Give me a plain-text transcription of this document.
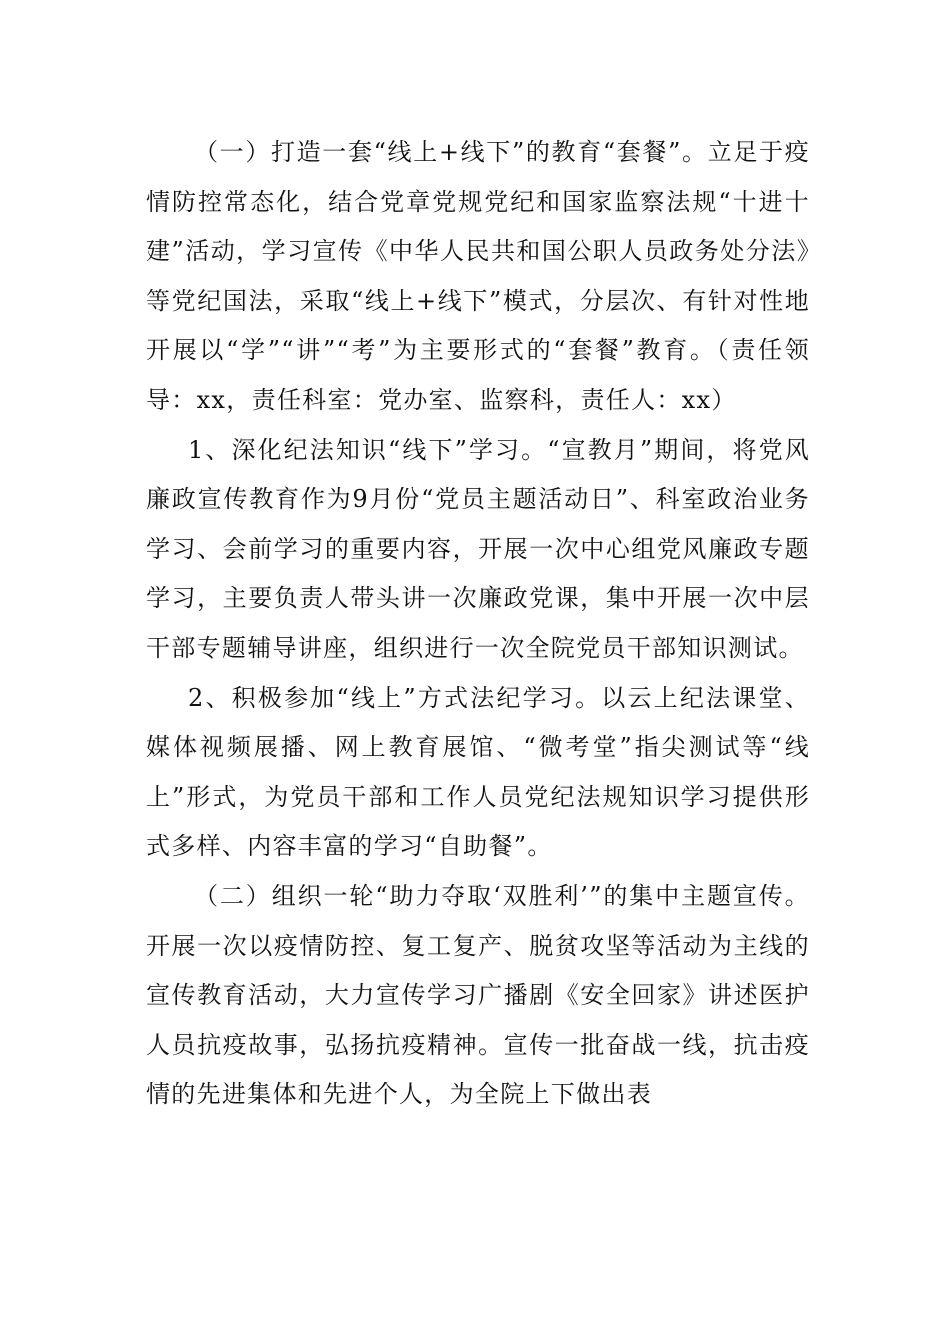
（一）打造一套“线上+线下”的教育“套餐”。立足于疫情防控常态化，结合党章党规党纪和国家监察法规“十进十建”活动，学习宣传《中华人民共和国公职人员政务处分法》等党纪国法，采取“线上+线下”模式，分层次、有针对性地开展以“学”“讲”“考”为主要形式的“套餐”教育。（责任领导：xx，责任科室：党办室、监察科，责任人：xx）

1、深化纪法知识“线下”学习。“宣教月”期间，将党风廉政宣传教育作为9月份“党员主题活动日”、科室政治业务学习、会前学习的重要内容，开展一次中心组党风廉政专题学习，主要负责人带头讲一次廉政党课，集中开展一次中层干部专题辅导讲座，组织进行一次全院党员干部知识测试。

2、积极参加“线上”方式法纪学习。以云上纪法课堂、媒体视频展播、网上教育展馆、“微考堂”指尖测试等“线上”形式，为党员干部和工作人员党纪法规知识学习提供形式多样、内容丰富的学习“自助餐”。

（二）组织一轮“助力夺取‘双胜利’”的集中主题宣传。开展一次以疫情防控、复工复产、脱贫攻坚等活动为主线的宣传教育活动，大力宣传学习广播剧《安全回家》讲述医护人员抗疫故事，弘扬抗疫精神。宣传一批奋战一线，抗击疫情的先进集体和先进个人，为全院上下做出表
